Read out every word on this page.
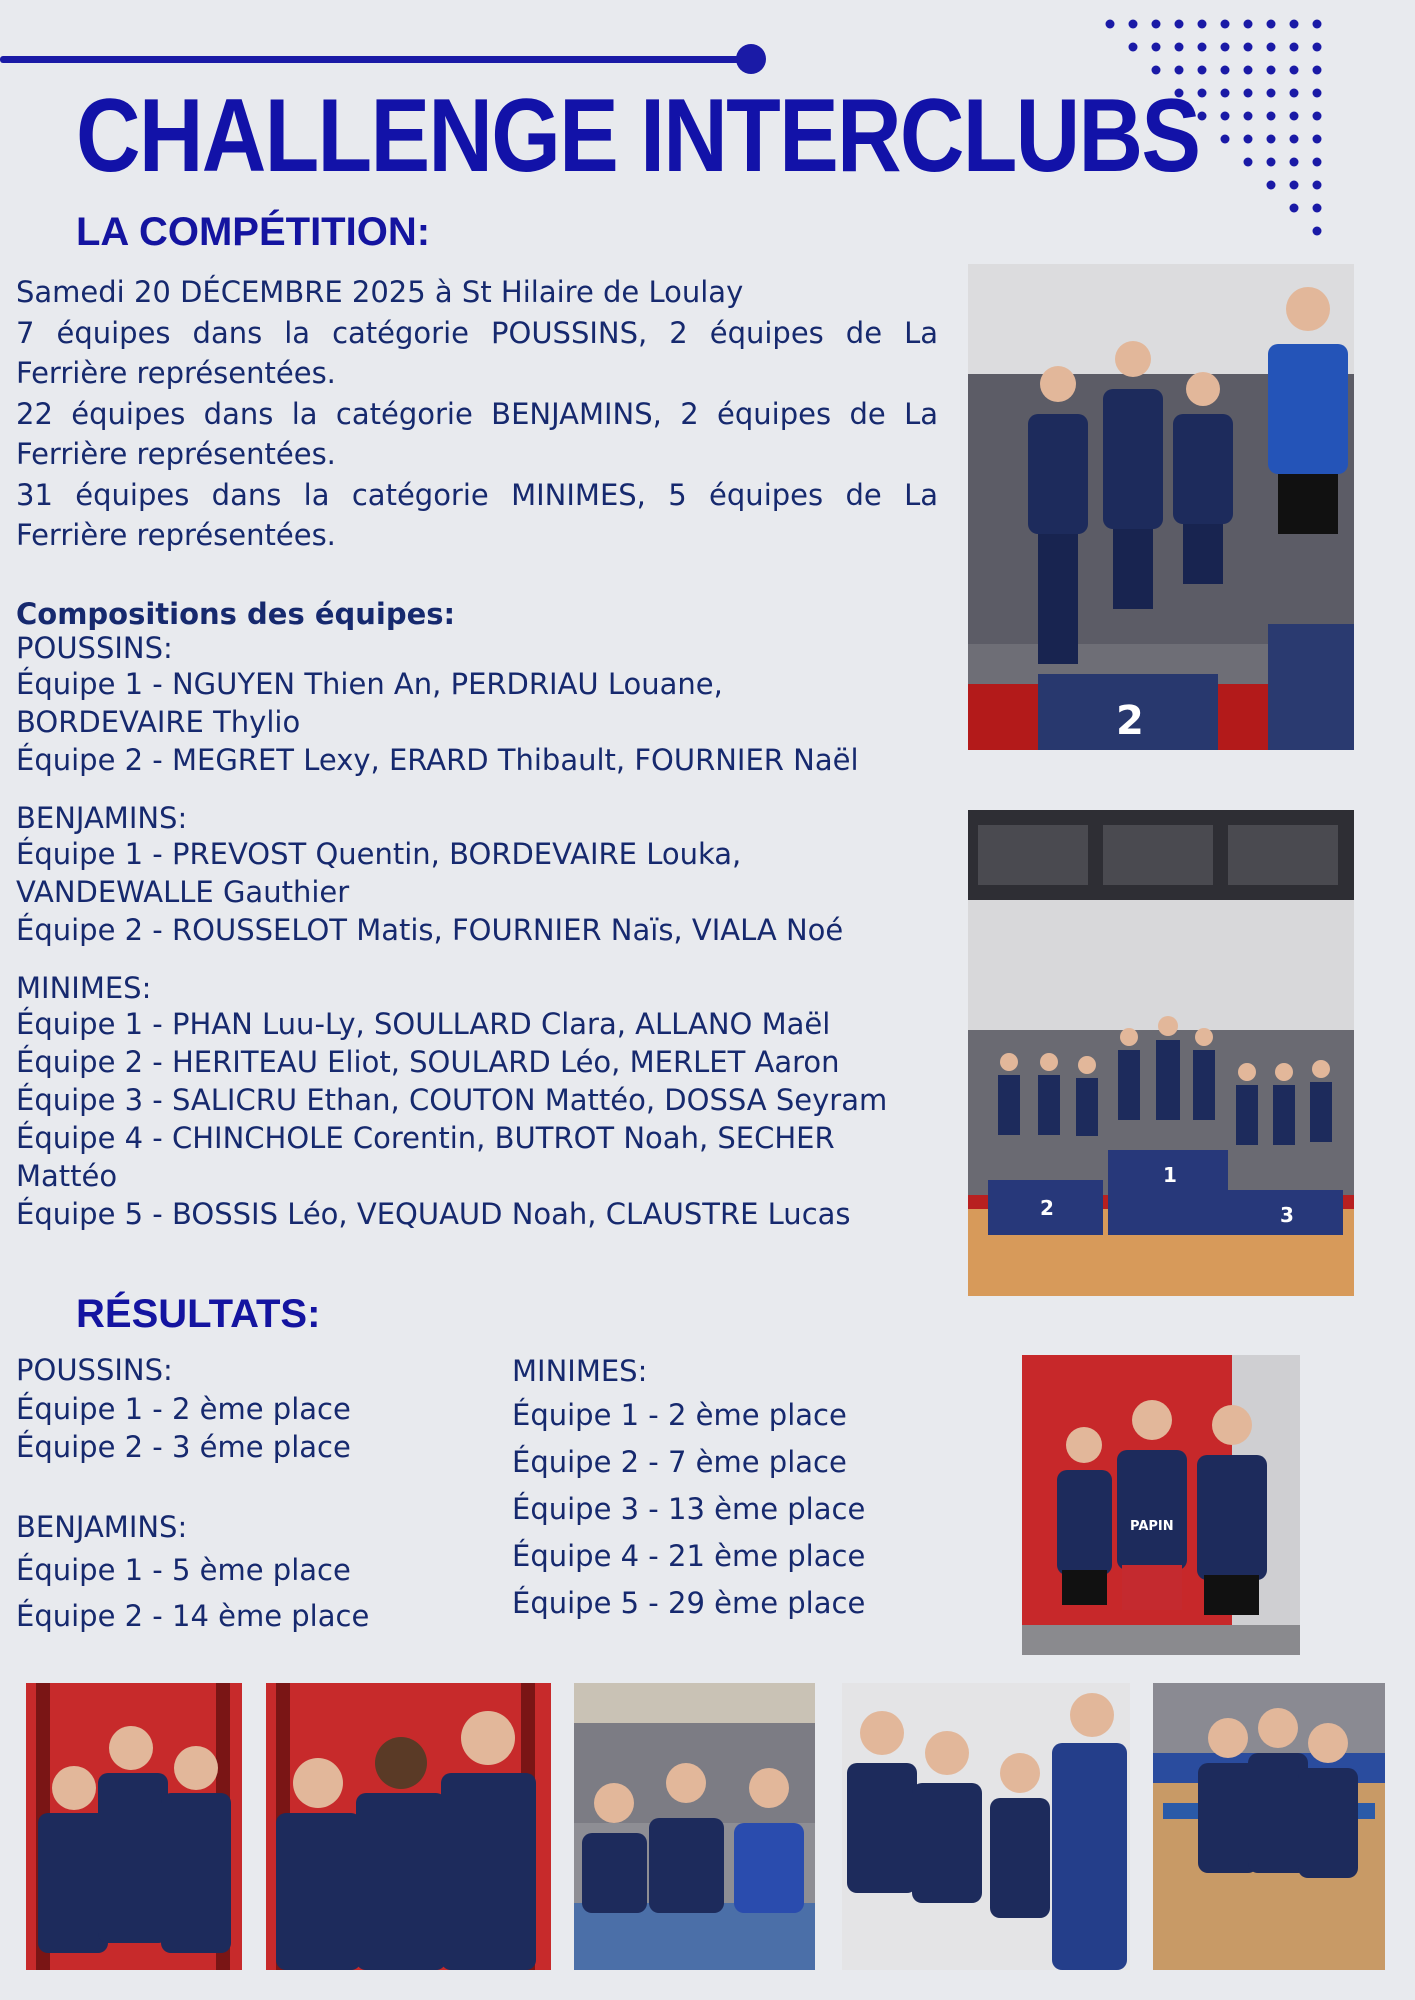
CHALLENGE INTERCLUBS
LA COMPÉTITION:

Samedi 20 DÉCEMBRE 2025 à St Hilaire de Loulay

7 équipes dans la catégorie POUSSINS, 2 équipes de La Ferrière représentées.

22 équipes dans la catégorie BENJAMINS, 2 équipes de La Ferrière représentées.

31 équipes dans la catégorie MINIMES, 5 équipes de La Ferrière représentées.

Compositions des équipes:
POUSSINS:
Équipe 1 - NGUYEN Thien An, PERDRIAU Louane,
BORDEVAIRE Thylio
Équipe 2 - MEGRET Lexy, ERARD Thibault, FOURNIER Naël
BENJAMINS:
Équipe 1 - PREVOST Quentin, BORDEVAIRE Louka,
VANDEWALLE Gauthier
Équipe 2 - ROUSSELOT Matis, FOURNIER Naïs, VIALA Noé
MINIMES:
Équipe 1 - PHAN Luu-Ly, SOULLARD Clara, ALLANO Maël
Équipe 2 - HERITEAU Eliot, SOULARD Léo, MERLET Aaron
Équipe 3 - SALICRU Ethan, COUTON Mattéo, DOSSA Seyram
Équipe 4 - CHINCHOLE Corentin, BUTROT Noah, SECHER
Mattéo
Équipe 5 - BOSSIS Léo, VEQUAUD Noah, CLAUSTRE Lucas
RÉSULTATS:
POUSSINS:
Équipe 1 - 2 ème place
Équipe 2 - 3 éme place
BENJAMINS:
Équipe 1 - 5 ème place
Équipe 2 - 14 ème place
MINIMES:
Équipe 1 - 2 ème place
Équipe 2 - 7 ème place
Équipe 3 - 13 ème place
Équipe 4 - 21 ème place
Équipe 5 - 29 ème place
2
2
1
3
PAPIN
